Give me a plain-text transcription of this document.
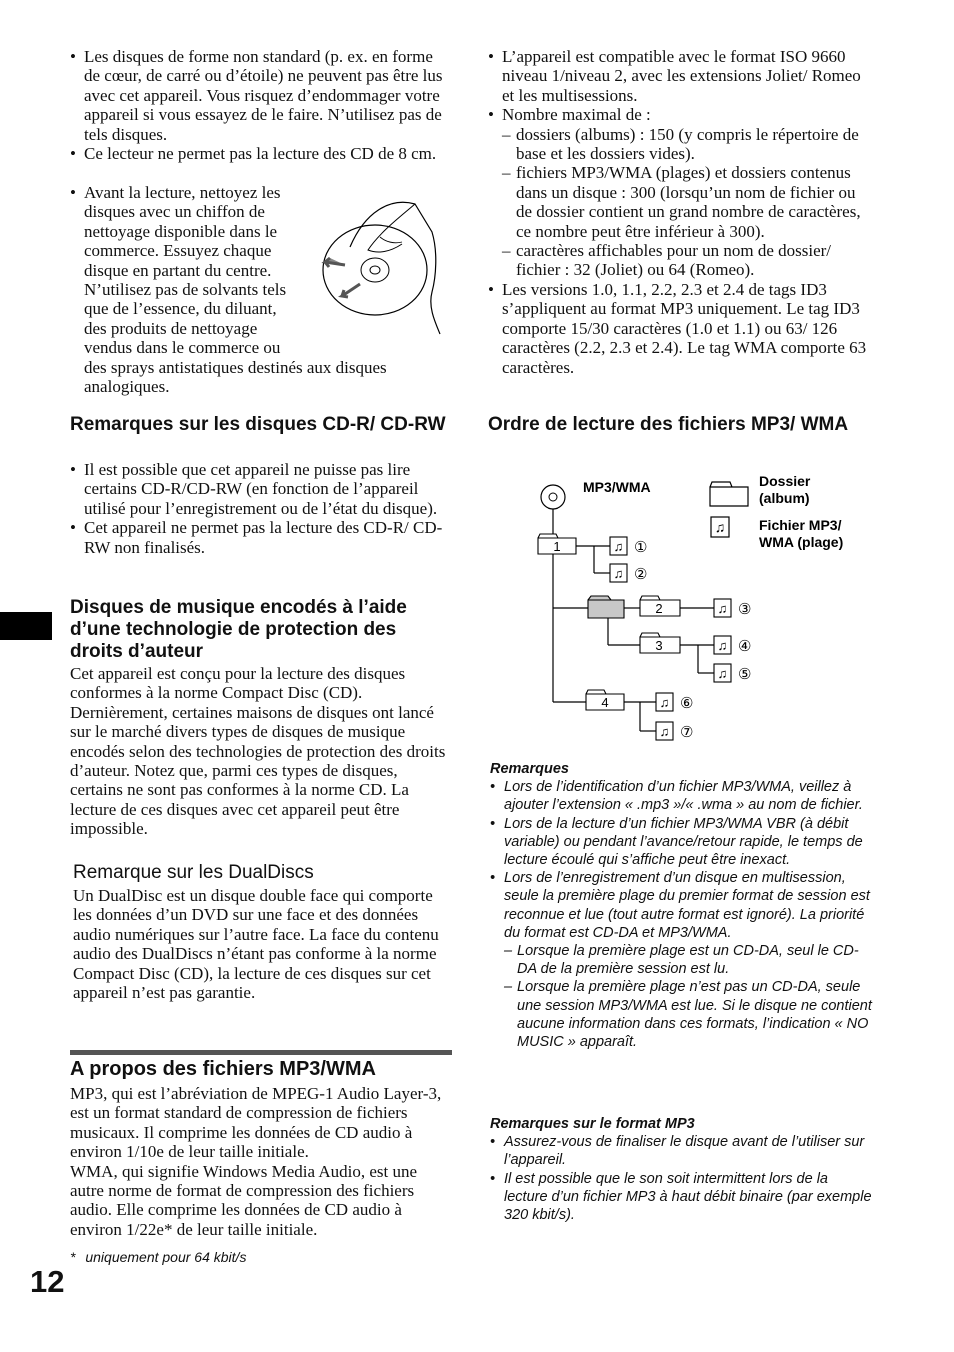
• Les disques de forme non standard (p. ex. en forme de cœur, de carré ou d’étoile) ne peuvent pas être lus avec cet appareil. Vous risquez d’endommager votre appareil si vous essayez de le faire. N’utilisez pas de tels disques.
• Ce lecteur ne permet pas la lecture des CD de 8 cm.
• Avant la lecture, nettoyez les
disques avec un chiffon de
nettoyage disponible dans le
commerce. Essuyez chaque
disque en partant du centre.
N’utilisez pas de solvants tels
que de l’essence, du diluant,
des produits de nettoyage
vendus dans le commerce ou
des sprays antistatiques destinés aux disques analogiques.
Remarques sur les disques CD-R/ CD-RW
• Il est possible que cet appareil ne puisse pas lire certains CD-R/CD-RW (en fonction de l’appareil utilisé pour l’enregistrement ou de l’état du disque).
• Cet appareil ne permet pas la lecture des CD-R/ CD-RW non finalisés.
Disques de musique encodés à l’aide d’une technologie de protection des droits d’auteur
Cet appareil est conçu pour la lecture des disques conformes à la norme Compact Disc (CD). Dernièrement, certaines maisons de disques ont lancé sur le marché divers types de disques de musique encodés selon des technologies de protection des droits d’auteur. Notez que, parmi ces types de disques, certains ne sont pas conformes à la norme CD. La lecture de ces disques avec cet appareil peut être impossible.
Remarque sur les DualDiscs
Un DualDisc est un disque double face qui comporte les données d’un DVD sur une face et des données audio numériques sur l’autre face. La face du contenu audio des DualDiscs n’étant pas conforme à la norme Compact Disc (CD), la lecture de ces disques sur cet appareil n’est pas garantie.
A propos des fichiers MP3/WMA
MP3, qui est l’abréviation de MPEG-1 Audio Layer-3, est un format standard de compression de fichiers musicaux. Il comprime les données de CD audio à environ 1/10e de leur taille initiale.
WMA, qui signifie Windows Media Audio, est une autre norme de format de compression des fichiers audio. Elle comprime les données de CD audio à environ 1/22e* de leur taille initiale.
* uniquement pour 64 kbit/s
12
• L’appareil est compatible avec le format ISO 9660 niveau 1/niveau 2, avec les extensions Joliet/ Romeo et les multisessions.
• Nombre maximal de :
– dossiers (albums) : 150 (y compris le répertoire de base et les dossiers vides).
– fichiers MP3/WMA (plages) et dossiers contenus dans un disque : 300 (lorsqu’un nom de fichier ou de dossier contient un grand nombre de caractères, ce nombre peut être inférieur à 300).
– caractères affichables pour un nom de dossier/ fichier : 32 (Joliet) ou 64 (Romeo).
• Les versions 1.0, 1.1, 2.2, 2.3 et 2.4 de tags ID3 s’appliquent au format MP3 uniquement. Le tag ID3 comporte 15/30 caractères (1.0 et 1.1) ou 63/ 126 caractères (2.2, 2.3 et 2.4). Le tag WMA comporte 63 caractères.
Ordre de lecture des fichiers MP3/ WMA
MP3/WMA	Dossier
(album)
♫ Fichier MP3/
WMA (plage)
1
2
3
4
♫ ①
♫ ②
♫ ③
♫ ④
♫ ⑤
♫ ⑥
♫ ⑦
Remarques
• Lors de l’identification d’un fichier MP3/WMA, veillez à ajouter l’extension « .mp3 »/« .wma » au nom de fichier.
• Lors de la lecture d’un fichier MP3/WMA VBR (à débit variable) ou pendant l’avance/retour rapide, le temps de lecture écoulé qui s’affiche peut être inexact.
• Lors de l’enregistrement d’un disque en multisession, seule la première plage du premier format de session est reconnue et lue (tout autre format est ignoré). La priorité du format est CD-DA et MP3/WMA.
– Lorsque la première plage est un CD-DA, seul le CD-DA de la première session est lu.
– Lorsque la première plage n’est pas un CD-DA, seule une session MP3/WMA est lue. Si le disque ne contient aucune information dans ces formats, l’indication « NO MUSIC » apparaît.
Remarques sur le format MP3
• Assurez-vous de finaliser le disque avant de l’utiliser sur l’appareil.
• Il est possible que le son soit intermittent lors de la lecture d’un fichier MP3 à haut débit binaire (par exemple 320 kbit/s).
